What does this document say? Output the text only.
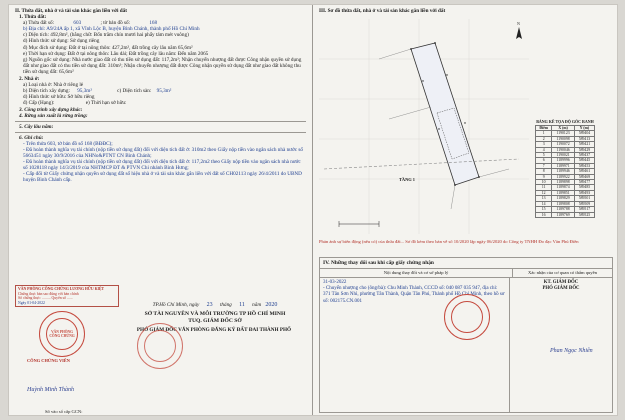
II. Thửa đất, nhà ở và tài sản khác gắn liền với đất
1. Thửa đất:
a) Thửa đất số:	603	; tờ bản đồ số:	168
b) Địa chỉ: A9/24A ấp 1, xã Vĩnh Lộc B, huyện Bình Chánh, thành phố Hồ Chí Minh
c) Diện tích: 492,8m², (bằng chữ: Bốn trăm chín mươi hai phẩy tám mét vuông)
d) Hình thức sử dụng: Sử dụng riêng
đ) Mục đích sử dụng: Đất ở tại nông thôn: 427,2m², đất trồng cây lâu năm 65,6m²
e) Thời hạn sử dụng: Đất ở tại nông thôn: Lâu dài; Đất trồng cây lâu năm: Đến năm 2065
g) Nguồn gốc sử dụng: Nhà nước giao đất có thu tiền sử dụng đất: 117,2m²; Nhận chuyển nhượng đất được Công nhận quyền sử dụng đất như giao đất có thu tiền sử dụng đất: 310m²; Nhận chuyển nhượng đất được Công nhận quyền sử dụng đất như giao đất không thu tiền sử dụng đất: 65,6m²
2. Nhà ở:
a) Loại nhà ở: Nhà ở riêng lẻ
b) Diện tích xây dựng: 95,3m²	c) Diện tích sàn: 95,3m²
d) Hình thức sở hữu: Sở hữu riêng
đ) Cấp (Hạng):	e) Thời hạn sở hữu:
3. Công trình xây dựng khác:
4. Rừng sản xuất là rừng trồng:
5. Cây lâu năm:
6. Ghi chú:
- Trên thửa 603, tờ bản đồ số 168 (BĐĐC);
- Đã hoàn thành nghĩa vụ tài chính (nộp tiền sử dụng đất) đối với diện tích đất ở: 310m2 theo Giấy nộp tiền vào ngân sách nhà nước số 5663451 ngày 30/9/2016 của NHNo&PTNT CN Bình Chánh;
- Đã hoàn thành nghĩa vụ tài chính (nộp tiền sử dụng đất) đối với diện tích đất ở: 117,2m2 theo Giấy nộp tiền vào ngân sách nhà nước số 1028118 ngày 14/3/2019 của NHTMCP ĐT & PTVN Chi nhánh Bình Hưng;
- Cấp đổi từ Giấy chứng nhận quyền sử dụng đất số hiệu nhà ở và tài sản khác gắn liền với đất số CH02113 ngày 26/4/2011 do UBND huyện Bình Chánh cấp.
VĂN PHÒNG CÔNG CHỨNG LƯƠNG HỮU KIỆT
Chứng thực bản sao đúng với bản chính
Số chứng thực: ......... Quyển số ......
Ngày 01-04-2022
VĂN PHÒNG CÔNG CHỨNG
CÔNG CHỨNG VIÊN
Huỳnh Minh Thành
TP.Hồ Chí Minh, ngày 23 tháng 11 năm 2020
SỞ TÀI NGUYÊN VÀ MÔI TRƯỜNG TP HỒ CHÍ MINH
TUQ. GIÁM ĐỐC SỞ
PHÓ GIÁM ĐỐC VĂN PHÒNG ĐĂNG KÝ ĐẤT ĐAI THÀNH PHỐ
Số vào sổ cấp GCN:
III. Sơ đồ thửa đất, nhà ở và tài sản khác gắn liền với đất
N
TẦNG 1
BẢNG KÊ TỌA ĐỘ GÓC RANH
Điểm	X (m)	Y (m)
1	1190123	589404
2	1190098	589413
3	1190072	589421
4	1190046	589429
5	1190021	589437
6	1189996	589445
7	1189971	589453
8	1189946	589461
9	1189922	589469
10	1189898	589477
11	1189874	589485
12	1189851	589493
13	1189829	589501
14	1189808	589509
15	1189788	589517
16	1189769	589525
Phản ánh sự biến động (nếu có) của thửa đất... Sơ đồ kèm theo bản vẽ số 10/2020 lập ngày 06/2020 do Công ty TNHH Đo đạc Văn Phú Điền
IV. Những thay đổi sau khi cấp giấy chứng nhận
Nội dung thay đổi và cơ sở pháp lý	Xác nhận của cơ quan có thẩm quyền
31-03-2022
- Chuyển nhượng cho (ông/bà): Chu Minh Thành, CCCD số: 040 087 035 947, địa chỉ: 371 Tân Sơn Nhì, phường Tân Thành, Quận Tân Phú, Thành phố Hồ Chí Minh, theo hồ sơ số: 002175.CN.001
KT. GIÁM ĐỐC
PHÓ GIÁM ĐỐC
Phan Ngọc Nhiên
